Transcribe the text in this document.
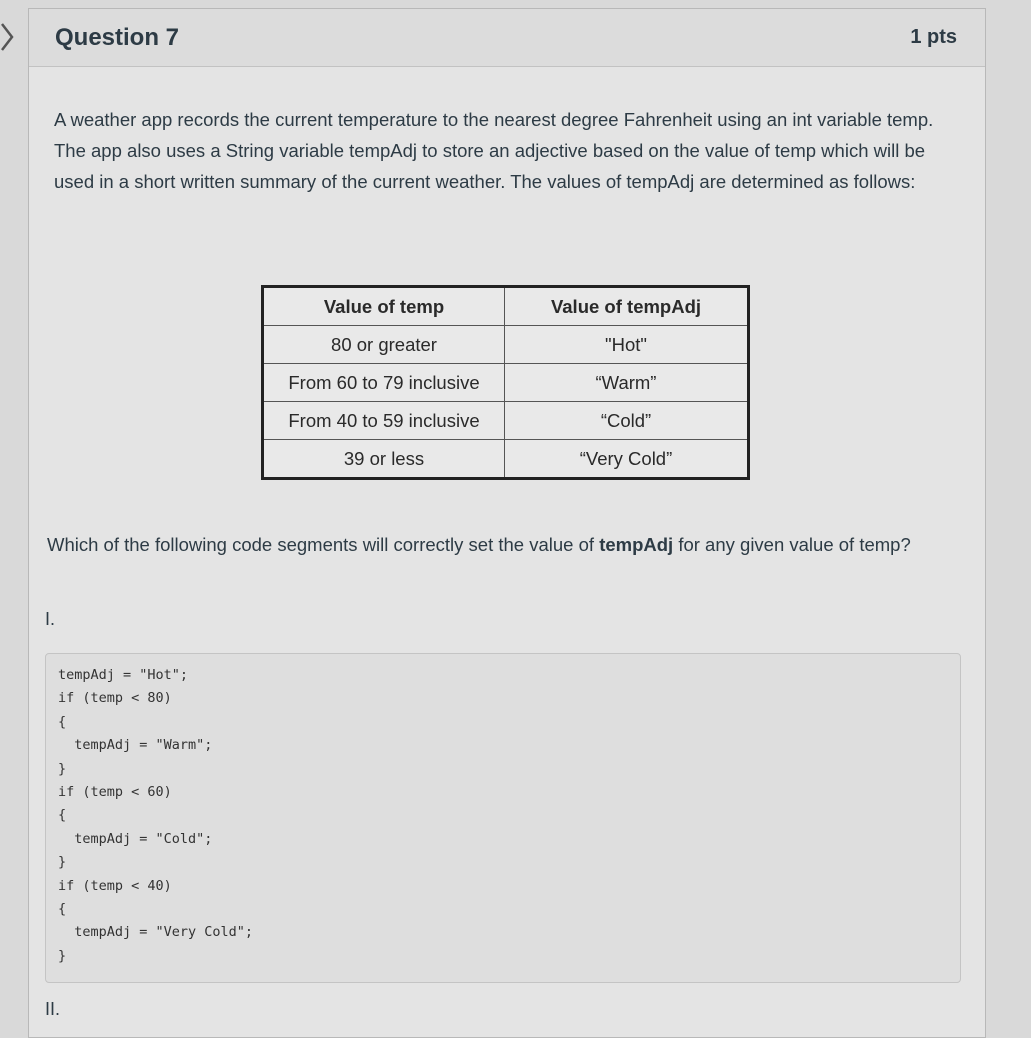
Question 7	1 pts
A weather app records the current temperature to the nearest degree Fahrenheit using an int variable temp. The app also uses a String variable tempAdj to store an adjective based on the value of temp which will be used in a short written summary of the current weather. The values of tempAdj are determined as follows:
Value of temp	Value of tempAdj
80 or greater	"Hot"
From 60 to 79 inclusive	“Warm”
From 40 to 59 inclusive	“Cold”
39 or less	“Very Cold”
Which of the following code segments will correctly set the value of tempAdj for any given value of temp?
I.
tempAdj = "Hot";
if (temp < 80)
{
tempAdj = "Warm";
}
if (temp < 60)
{
tempAdj = "Cold";
}
if (temp < 40)
{
tempAdj = "Very Cold";
}
II.
